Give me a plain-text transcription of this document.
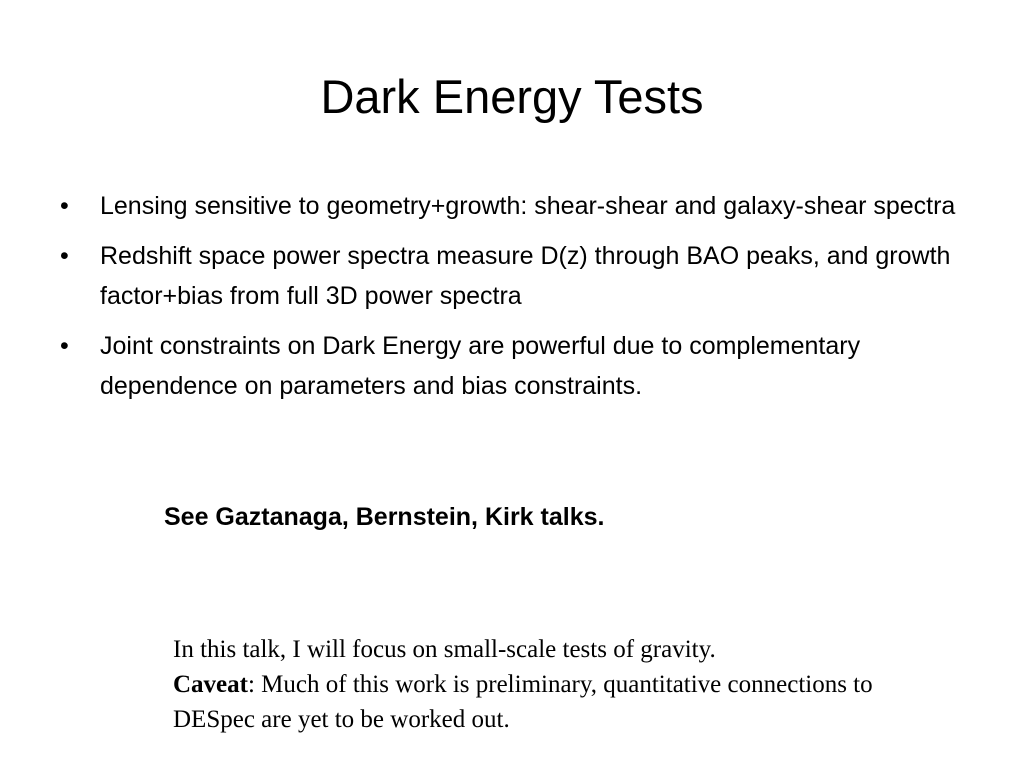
Dark Energy Tests
•	Lensing sensitive to geometry+growth: shear-shear and galaxy-shear spectra
•	Redshift space power spectra measure D(z) through BAO peaks, and growth factor+bias from full 3D power spectra
•	Joint constraints on Dark Energy are powerful due to complementary dependence on parameters and bias constraints.
See Gaztanaga, Bernstein, Kirk talks.
In this talk, I will focus on small-scale tests of gravity.
Caveat: Much of this work is preliminary, quantitative connections to DESpec are yet to be worked out.
